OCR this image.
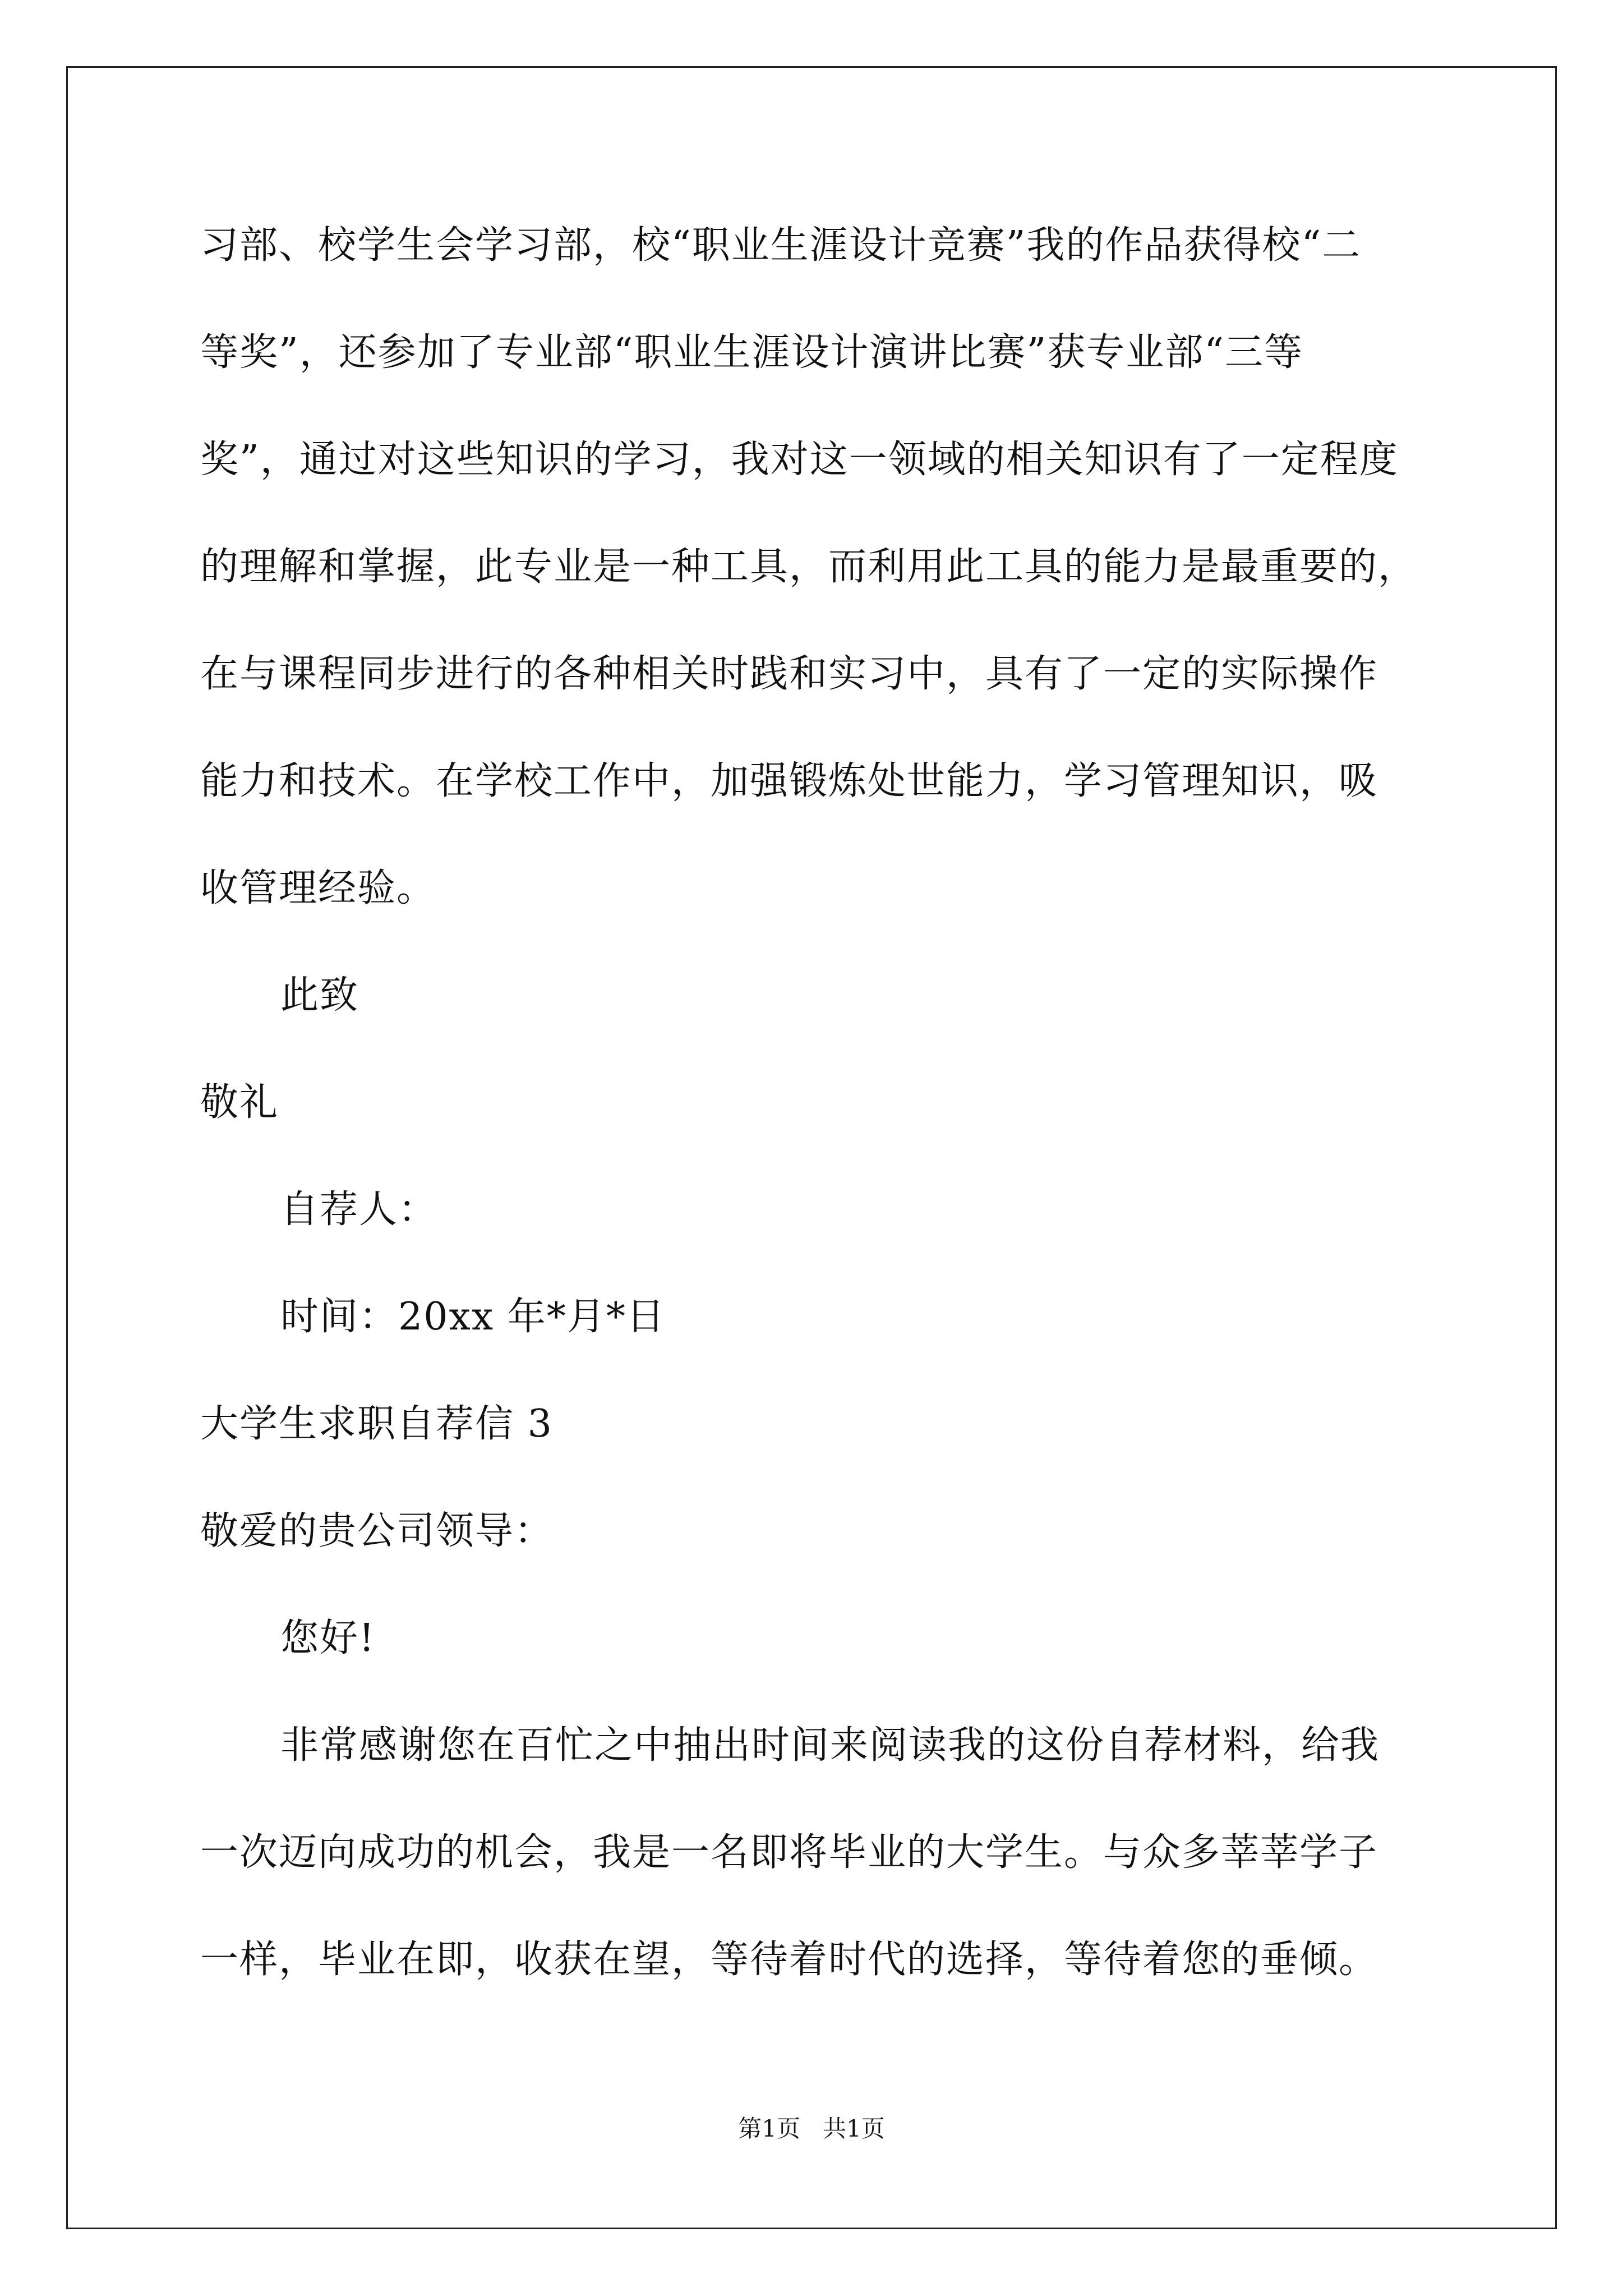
习部、校学生会学习部，校“职业生涯设计竞赛”我的作品获得校“二
等奖”，还参加了专业部“职业生涯设计演讲比赛”获专业部“三等
奖”，通过对这些知识的学习，我对这一领域的相关知识有了一定程度
的理解和掌握，此专业是一种工具，而利用此工具的能力是最重要的，
在与课程同步进行的各种相关时践和实习中，具有了一定的实际操作
能力和技术。在学校工作中，加强锻炼处世能力，学习管理知识，吸
收管理经验。
此致
敬礼
自荐人：
时间：20xx 年*月*日
大学生求职自荐信 3
敬爱的贵公司领导：
您好!
非常感谢您在百忙之中抽出时间来阅读我的这份自荐材料，给我
一次迈向成功的机会，我是一名即将毕业的大学生。与众多莘莘学子
一样，毕业在即，收获在望，等待着时代的选择，等待着您的垂倾。
第1页   共1页
